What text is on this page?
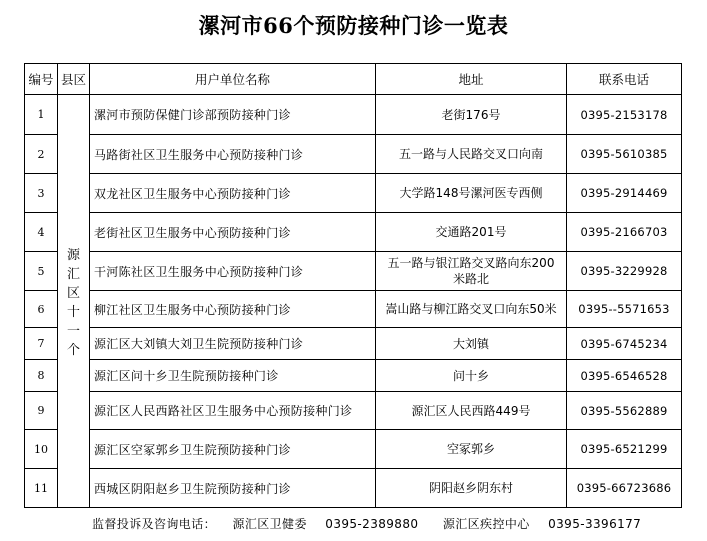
漯河市66个预防接种门诊一览表
编号	县区	用户单位名称	地址	联系电话
1	源汇区十一个	漯河市预防保健门诊部预防接种门诊	老街176号	0395-2153178
2		马路街社区卫生服务中心预防接种门诊	五一路与人民路交叉口向南	0395-5610385
3		双龙社区卫生服务中心预防接种门诊	大学路148号漯河医专西侧	0395-2914469
4		老街社区卫生服务中心预防接种门诊	交通路201号	0395-2166703
5		干河陈社区卫生服务中心预防接种门诊	五一路与银江路交叉路向东200米路北	0395-3229928
6		柳江社区卫生服务中心预防接种门诊	嵩山路与柳江路交叉口向东50米	0395--5571653
7		源汇区大刘镇大刘卫生院预防接种门诊	大刘镇	0395-6745234
8		源汇区问十乡卫生院预防接种门诊	问十乡	0395-6546528
9		源汇区人民西路社区卫生服务中心预防接种门诊	源汇区人民西路449号	0395-5562889
10		源汇区空冢郭乡卫生院预防接种门诊	空冢郭乡	0395-6521299
11		西城区阴阳赵乡卫生院预防接种门诊	阴阳赵乡阴东村	0395-66723686
监督投诉及咨询电话： 源汇区卫健委 0395-2389880 源汇区疾控中心 0395-3396177
